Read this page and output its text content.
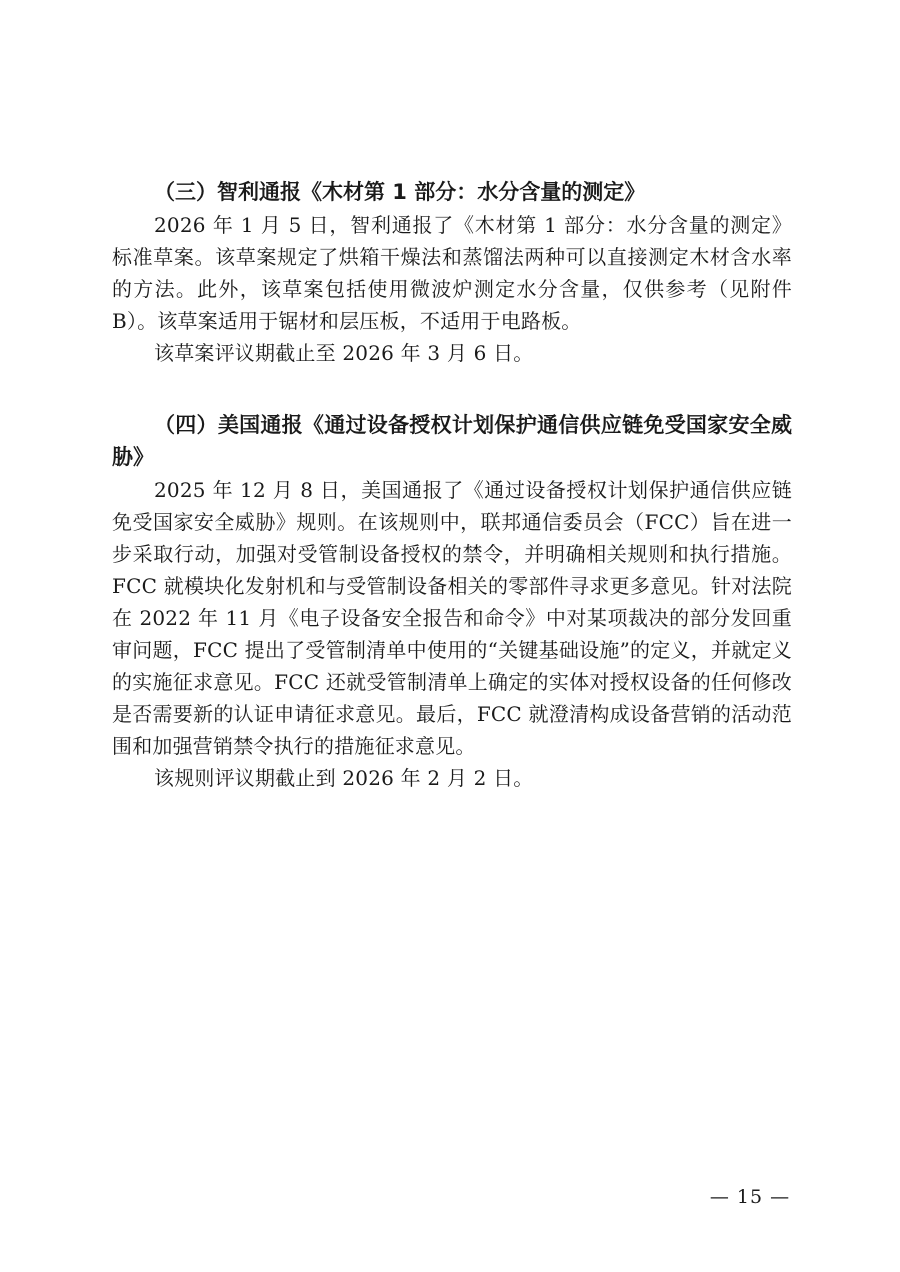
（三）智利通报《木材第 1 部分：水分含量的测定》

2026 年 1 月 5 日，智利通报了《木材第 1 部分：水分含量的测定》标准草案。该草案规定了烘箱干燥法和蒸馏法两种可以直接测定木材含水率的方法。此外，该草案包括使用微波炉测定水分含量，仅供参考（见附件 B）。该草案适用于锯材和层压板，不适用于电路板。

该草案评议期截止至 2026 年 3 月 6 日。

（四）美国通报《通过设备授权计划保护通信供应链免受国家安全威胁》

2025 年 12 月 8 日，美国通报了《通过设备授权计划保护通信供应链免受国家安全威胁》规则。在该规则中，联邦通信委员会（FCC）旨在进一步采取行动，加强对受管制设备授权的禁令，并明确相关规则和执行措施。FCC 就模块化发射机和与受管制设备相关的零部件寻求更多意见。针对法院在 2022 年 11 月《电子设备安全报告和命令》中对某项裁决的部分发回重审问题，FCC 提出了受管制清单中使用的“关键基础设施”的定义，并就定义的实施征求意见。FCC 还就受管制清单上确定的实体对授权设备的任何修改是否需要新的认证申请征求意见。最后，FCC 就澄清构成设备营销的活动范围和加强营销禁令执行的措施征求意见。

该规则评议期截止到 2026 年 2 月 2 日。

— 15 —
